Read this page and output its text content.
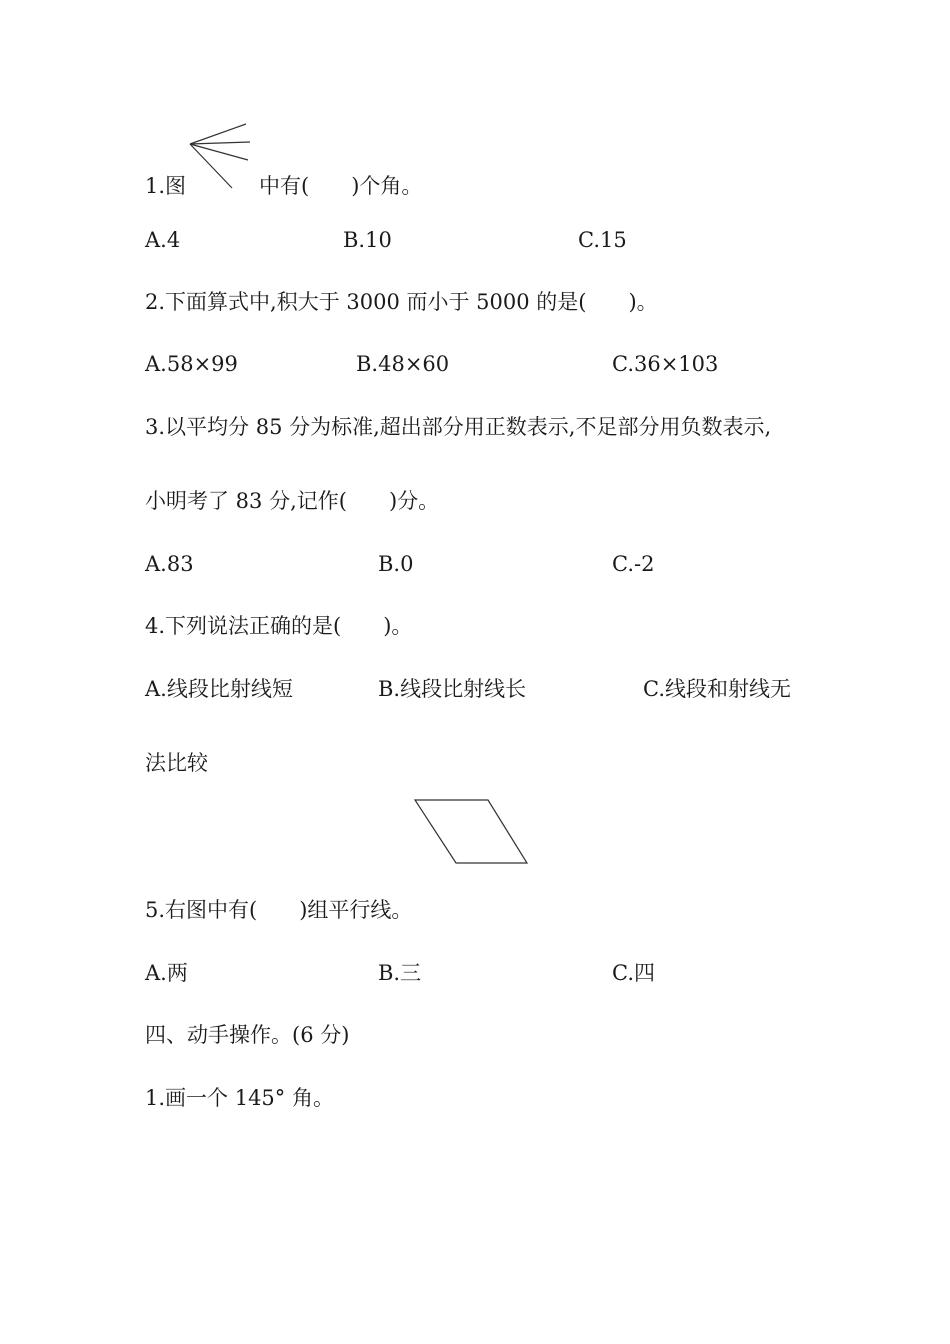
1.图	中有(　　)个角。
A.4	B.10	C.15
2.下面算式中,积大于 3000 而小于 5000 的是(　　)。
A.58×99	B.48×60	C.36×103
3.以平均分 85 分为标准,超出部分用正数表示,不足部分用负数表示,
小明考了 83 分,记作(　　)分。
A.83	B.0	C.-2
4.下列说法正确的是(　　)。
A.线段比射线短	B.线段比射线长	C.线段和射线无
法比较
5.右图中有(　　)组平行线。
A.两	B.三	C.四
四、动手操作。(6 分)
1.画一个 145° 角。
